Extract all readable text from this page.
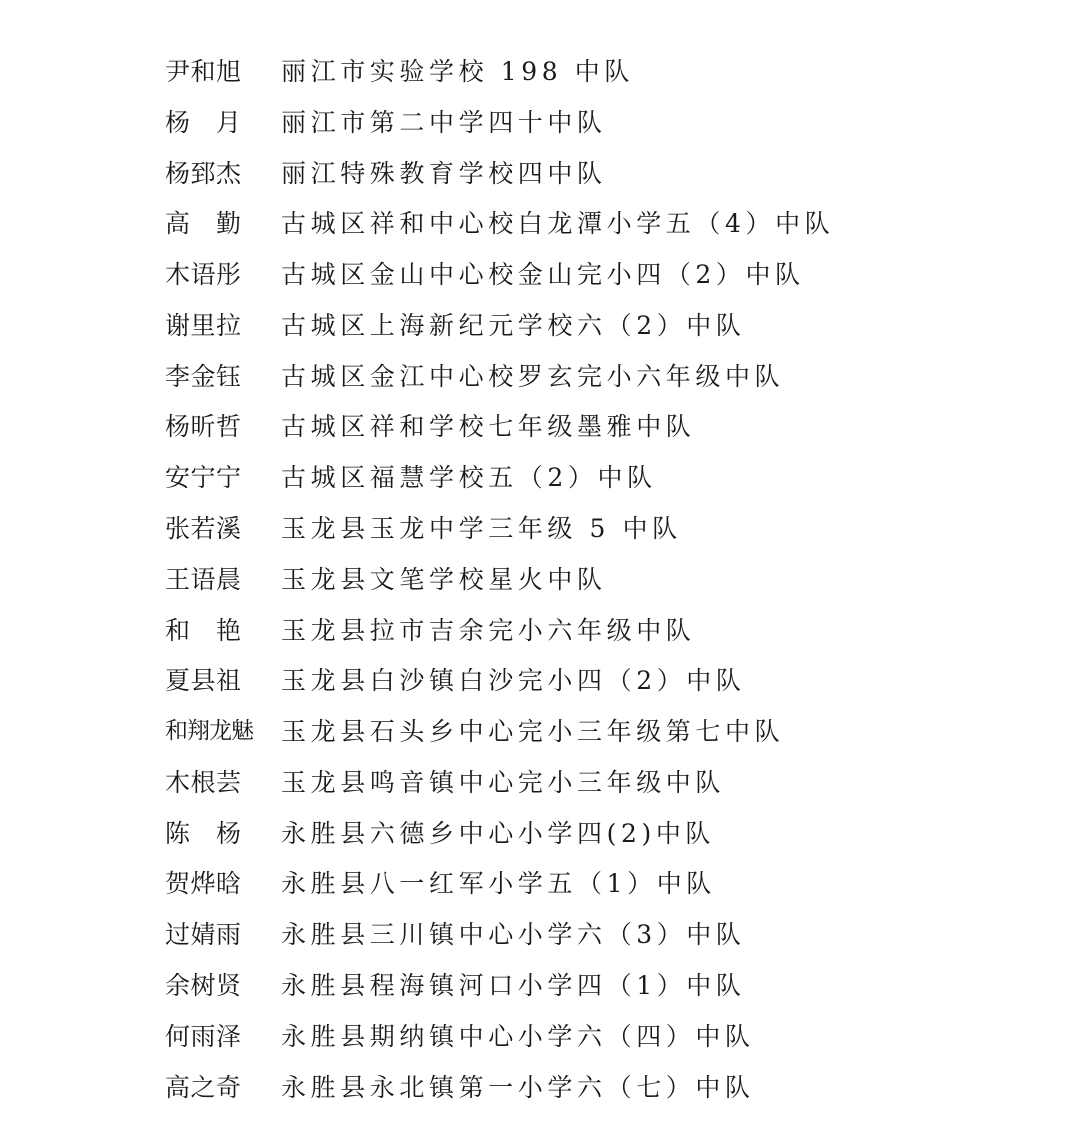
尹和旭	丽江市实验学校 198 中队
杨　月	丽江市第二中学四十中队
杨郅杰	丽江特殊教育学校四中队
高　勤	古城区祥和中心校白龙潭小学五（4）中队
木语彤	古城区金山中心校金山完小四（2）中队
谢里拉	古城区上海新纪元学校六（2）中队
李金钰	古城区金江中心校罗玄完小六年级中队
杨昕哲	古城区祥和学校七年级墨雅中队
安宁宁	古城区福慧学校五（2）中队
张若溪	玉龙县玉龙中学三年级 5 中队
王语晨	玉龙县文笔学校星火中队
和　艳	玉龙县拉市吉余完小六年级中队
夏县祖	玉龙县白沙镇白沙完小四（2）中队
和翔龙魅	玉龙县石头乡中心完小三年级第七中队
木根芸	玉龙县鸣音镇中心完小三年级中队
陈　杨	永胜县六德乡中心小学四(2)中队
贺烨晗	永胜县八一红军小学五（1）中队
过婧雨	永胜县三川镇中心小学六（3）中队
余树贤	永胜县程海镇河口小学四（1）中队
何雨泽	永胜县期纳镇中心小学六（四）中队
高之奇	永胜县永北镇第一小学六（七）中队
